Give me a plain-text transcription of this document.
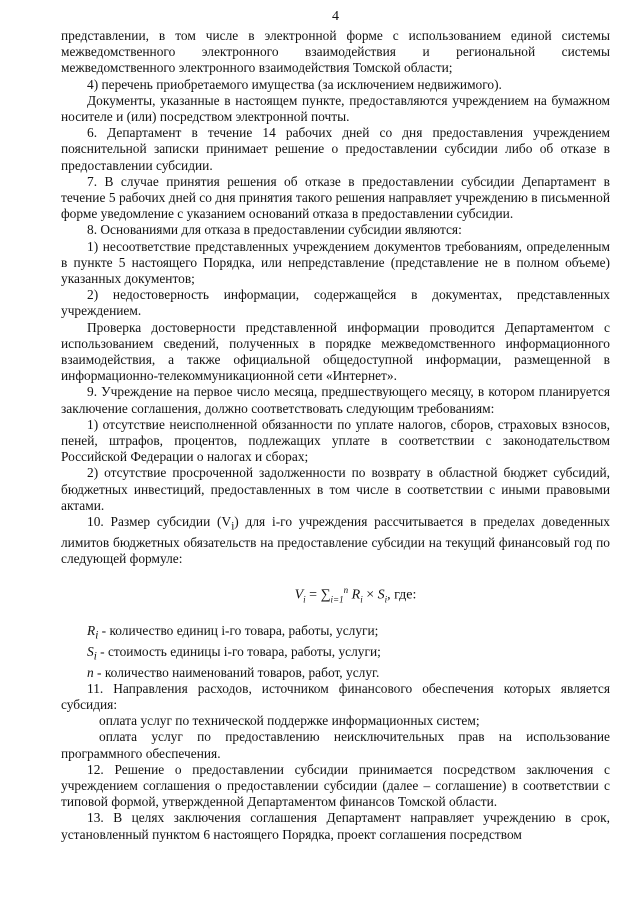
4

представлении, в том числе в электронной форме с использованием единой системы межведомственного электронного взаимодействия и региональной системы межведомственного электронного взаимодействия Томской области;

4) перечень приобретаемого имущества (за исключением недвижимого).

Документы, указанные в настоящем пункте, предоставляются учреждением на бумажном носителе и (или) посредством электронной почты.

6. Департамент в течение 14 рабочих дней со дня предоставления учреждением пояснительной записки принимает решение о предоставлении субсидии либо об отказе в предоставлении субсидии.

7. В случае принятия решения об отказе в предоставлении субсидии Департамент в течение 5 рабочих дней со дня принятия такого решения направляет учреждению в письменной форме уведомление с указанием оснований отказа в предоставлении субсидии.

8. Основаниями для отказа в предоставлении субсидии являются:

1) несоответствие представленных учреждением документов требованиям, определенным в пункте 5 настоящего Порядка, или непредставление (представление не в полном объеме) указанных документов;

2) недостоверность информации, содержащейся в документах, представленных учреждением.

Проверка достоверности представленной информации проводится Департаментом с использованием сведений, полученных в порядке межведомственного информационного взаимодействия, а также официальной общедоступной информации, размещенной в информационно-телекоммуникационной сети «Интернет».

9. Учреждение на первое число месяца, предшествующего месяцу, в котором планируется заключение соглашения, должно соответствовать следующим требованиям:

1) отсутствие неисполненной обязанности по уплате налогов, сборов, страховых взносов, пеней, штрафов, процентов, подлежащих уплате в соответствии с законодательством Российской Федерации о налогах и сборах;

2) отсутствие просроченной задолженности по возврату в областной бюджет субсидий, бюджетных инвестиций, предоставленных в том числе в соответствии с иными правовыми актами.

10. Размер субсидии $(V_i)$ для i-го учреждения рассчитывается в пределах доведенных лимитов бюджетных обязательств на предоставление субсидии на текущий финансовый год по следующей формуле:

$V_i = \sum_{i=1}^n$ $R_i \times S_i$, где:

$R_i$ - количество единиц i-го товара, работы, услуги;

$S_i$ - стоимость единицы i-го товара, работы, услуги;

n - количество наименований товаров, работ, услуг.

11. Направления расходов, источником финансового обеспечения которых является субсидия:

оплата услуг по технической поддержке информационных систем;

оплата услуг по предоставлению неисключительных прав на использование программного обеспечения.

12. Решение о предоставлении субсидии принимается посредством заключения с учреждением соглашения о предоставлении субсидии (далее – соглашение) в соответствии с типовой формой, утвержденной Департаментом финансов Томской области.

13. В целях заключения соглашения Департамент направляет учреждению в срок, установленный пунктом 6 настоящего Порядка, проект соглашения посредством
